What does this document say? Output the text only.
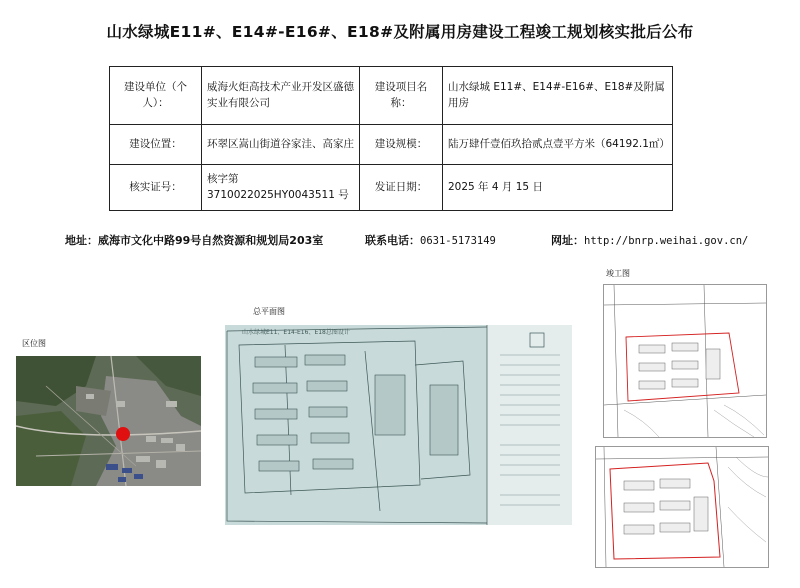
山水绿城E11#、E14#-E16#、E18#及附属用房建设工程竣工规划核实批后公布
建设单位（个人）：	威海火炬高技术产业开发区盛德实业有限公司	建设项目名称：	山水绿城 E11#、E14#-E16#、E18#及附属用房
建设位置：	环翠区嵩山街道谷家洼、高家庄	建设规模：	陆万肆仟壹佰玖拾贰点壹平方米（64192.1㎡）
核实证号：	核字第 3710022025HY0043511 号	发证日期：	2025 年 4 月 15 日
地址：威海市文化中路99号自然资源和规划局203室	联系电话：0631-5173149	网址：http://bnrp.weihai.gov.cn/
区位图
总平面图
山水绿城E11、E14-E16、E18总图设计
竣工图
